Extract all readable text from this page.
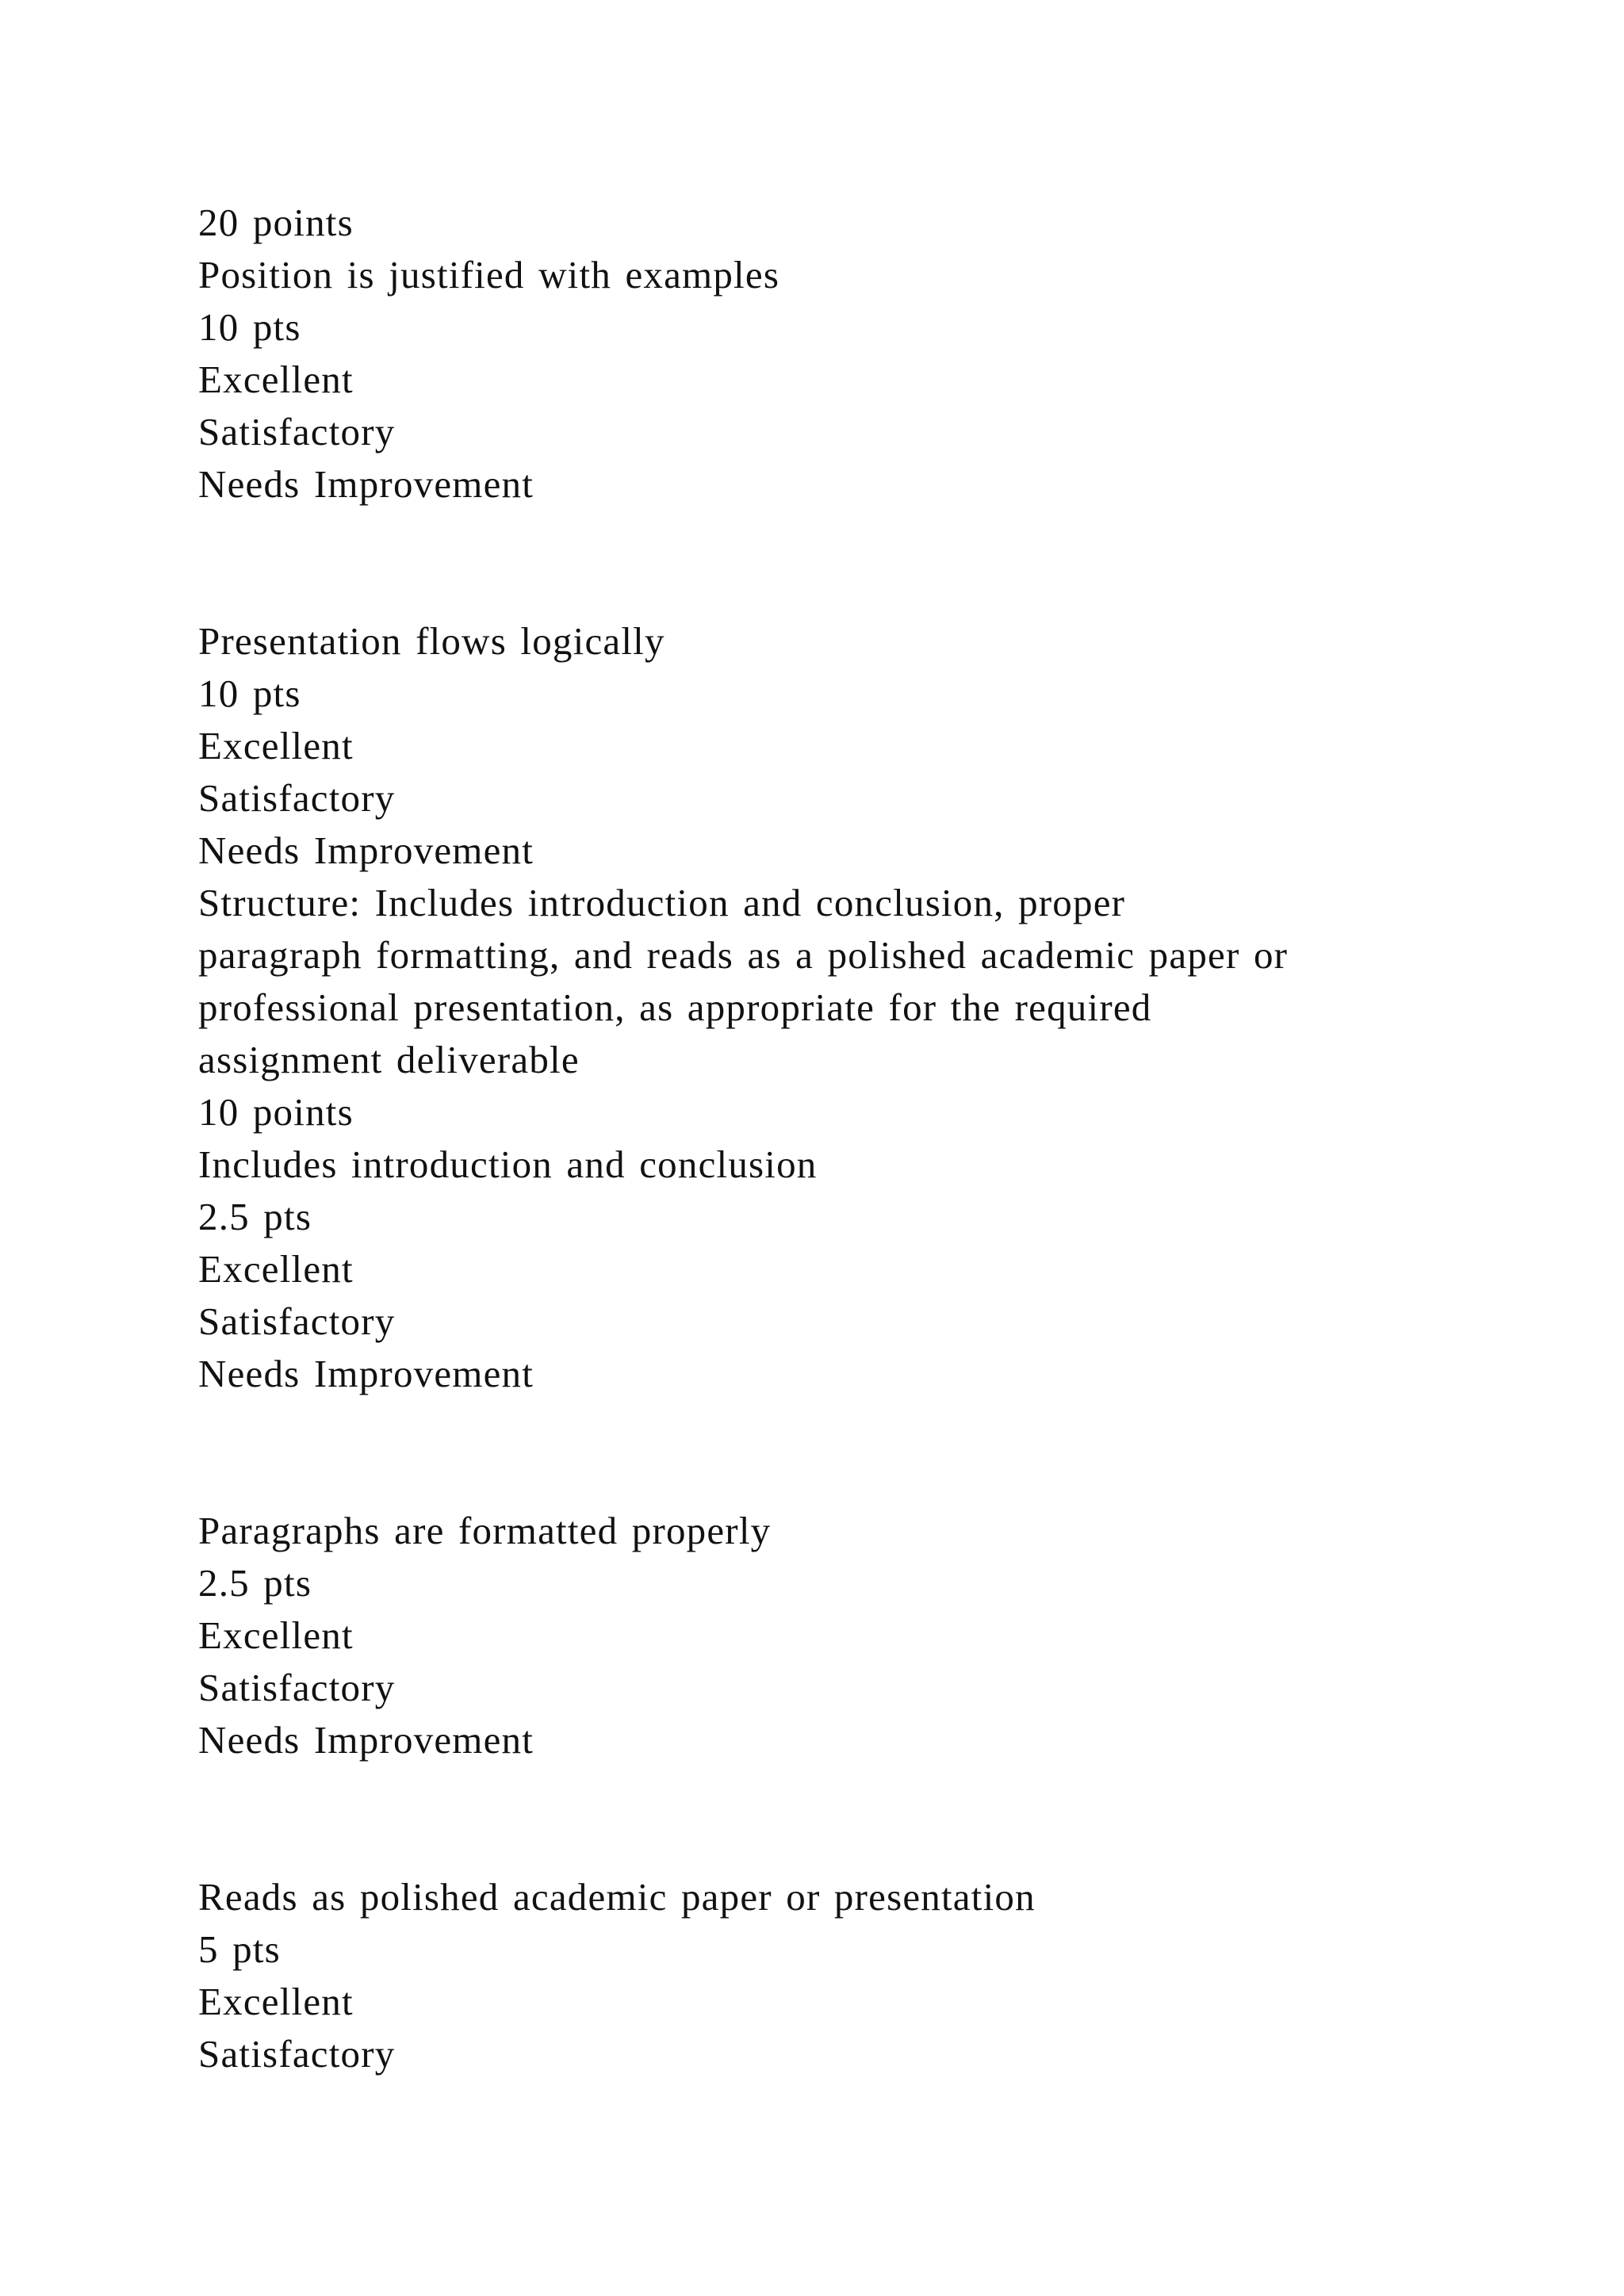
20 points
Position is justified with examples
10 pts
Excellent
Satisfactory
Needs Improvement
Presentation flows logically
10 pts
Excellent
Satisfactory
Needs Improvement
Structure: Includes introduction and conclusion, proper
paragraph formatting, and reads as a polished academic paper or
professional presentation, as appropriate for the required
assignment deliverable
10 points
Includes introduction and conclusion
2.5 pts
Excellent
Satisfactory
Needs Improvement
Paragraphs are formatted properly
2.5 pts
Excellent
Satisfactory
Needs Improvement
Reads as polished academic paper or presentation
5 pts
Excellent
Satisfactory
